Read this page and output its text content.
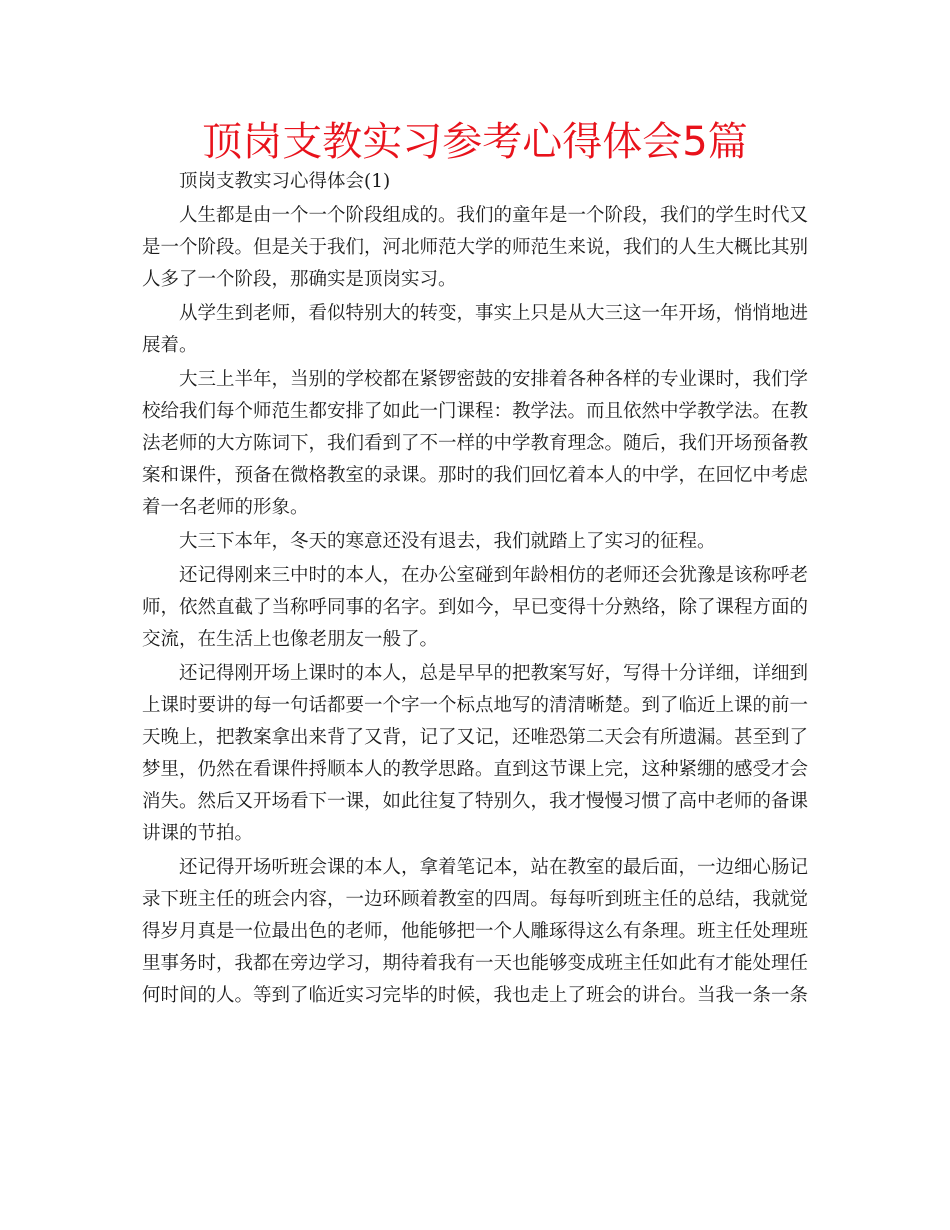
顶岗支教实习参考心得体会5篇

顶岗支教实习心得体会(1)

人生都是由一个一个阶段组成的。我们的童年是一个阶段，我们的学生时代又是一个阶段。但是关于我们，河北师范大学的师范生来说，我们的人生大概比其别人多了一个阶段，那确实是顶岗实习。

从学生到老师，看似特别大的转变，事实上只是从大三这一年开场，悄悄地进展着。

大三上半年，当别的学校都在紧锣密鼓的安排着各种各样的专业课时，我们学校给我们每个师范生都安排了如此一门课程：教学法。而且依然中学教学法。在教法老师的大方陈词下，我们看到了不一样的中学教育理念。随后，我们开场预备教案和课件，预备在微格教室的录课。那时的我们回忆着本人的中学，在回忆中考虑着一名老师的形象。

大三下本年，冬天的寒意还没有退去，我们就踏上了实习的征程。

还记得刚来三中时的本人，在办公室碰到年龄相仿的老师还会犹豫是该称呼老师，依然直截了当称呼同事的名字。到如今，早已变得十分熟络，除了课程方面的交流，在生活上也像老朋友一般了。

还记得刚开场上课时的本人，总是早早的把教案写好，写得十分详细，详细到上课时要讲的每一句话都要一个字一个标点地写的清清晰楚。到了临近上课的前一天晚上，把教案拿出来背了又背，记了又记，还唯恐第二天会有所遗漏。甚至到了梦里，仍然在看课件捋顺本人的教学思路。直到这节课上完，这种紧绷的感受才会消失。然后又开场看下一课，如此往复了特别久，我才慢慢习惯了高中老师的备课讲课的节拍。

还记得开场听班会课的本人，拿着笔记本，站在教室的最后面，一边细心肠记录下班主任的班会内容，一边环顾着教室的四周。每每听到班主任的总结，我就觉得岁月真是一位最出色的老师，他能够把一个人雕琢得这么有条理。班主任处理班里事务时，我都在旁边学习，期待着我有一天也能够变成班主任如此有才能处理任何时间的人。等到了临近实习完毕的时候，我也走上了班会的讲台。当我一条一条
